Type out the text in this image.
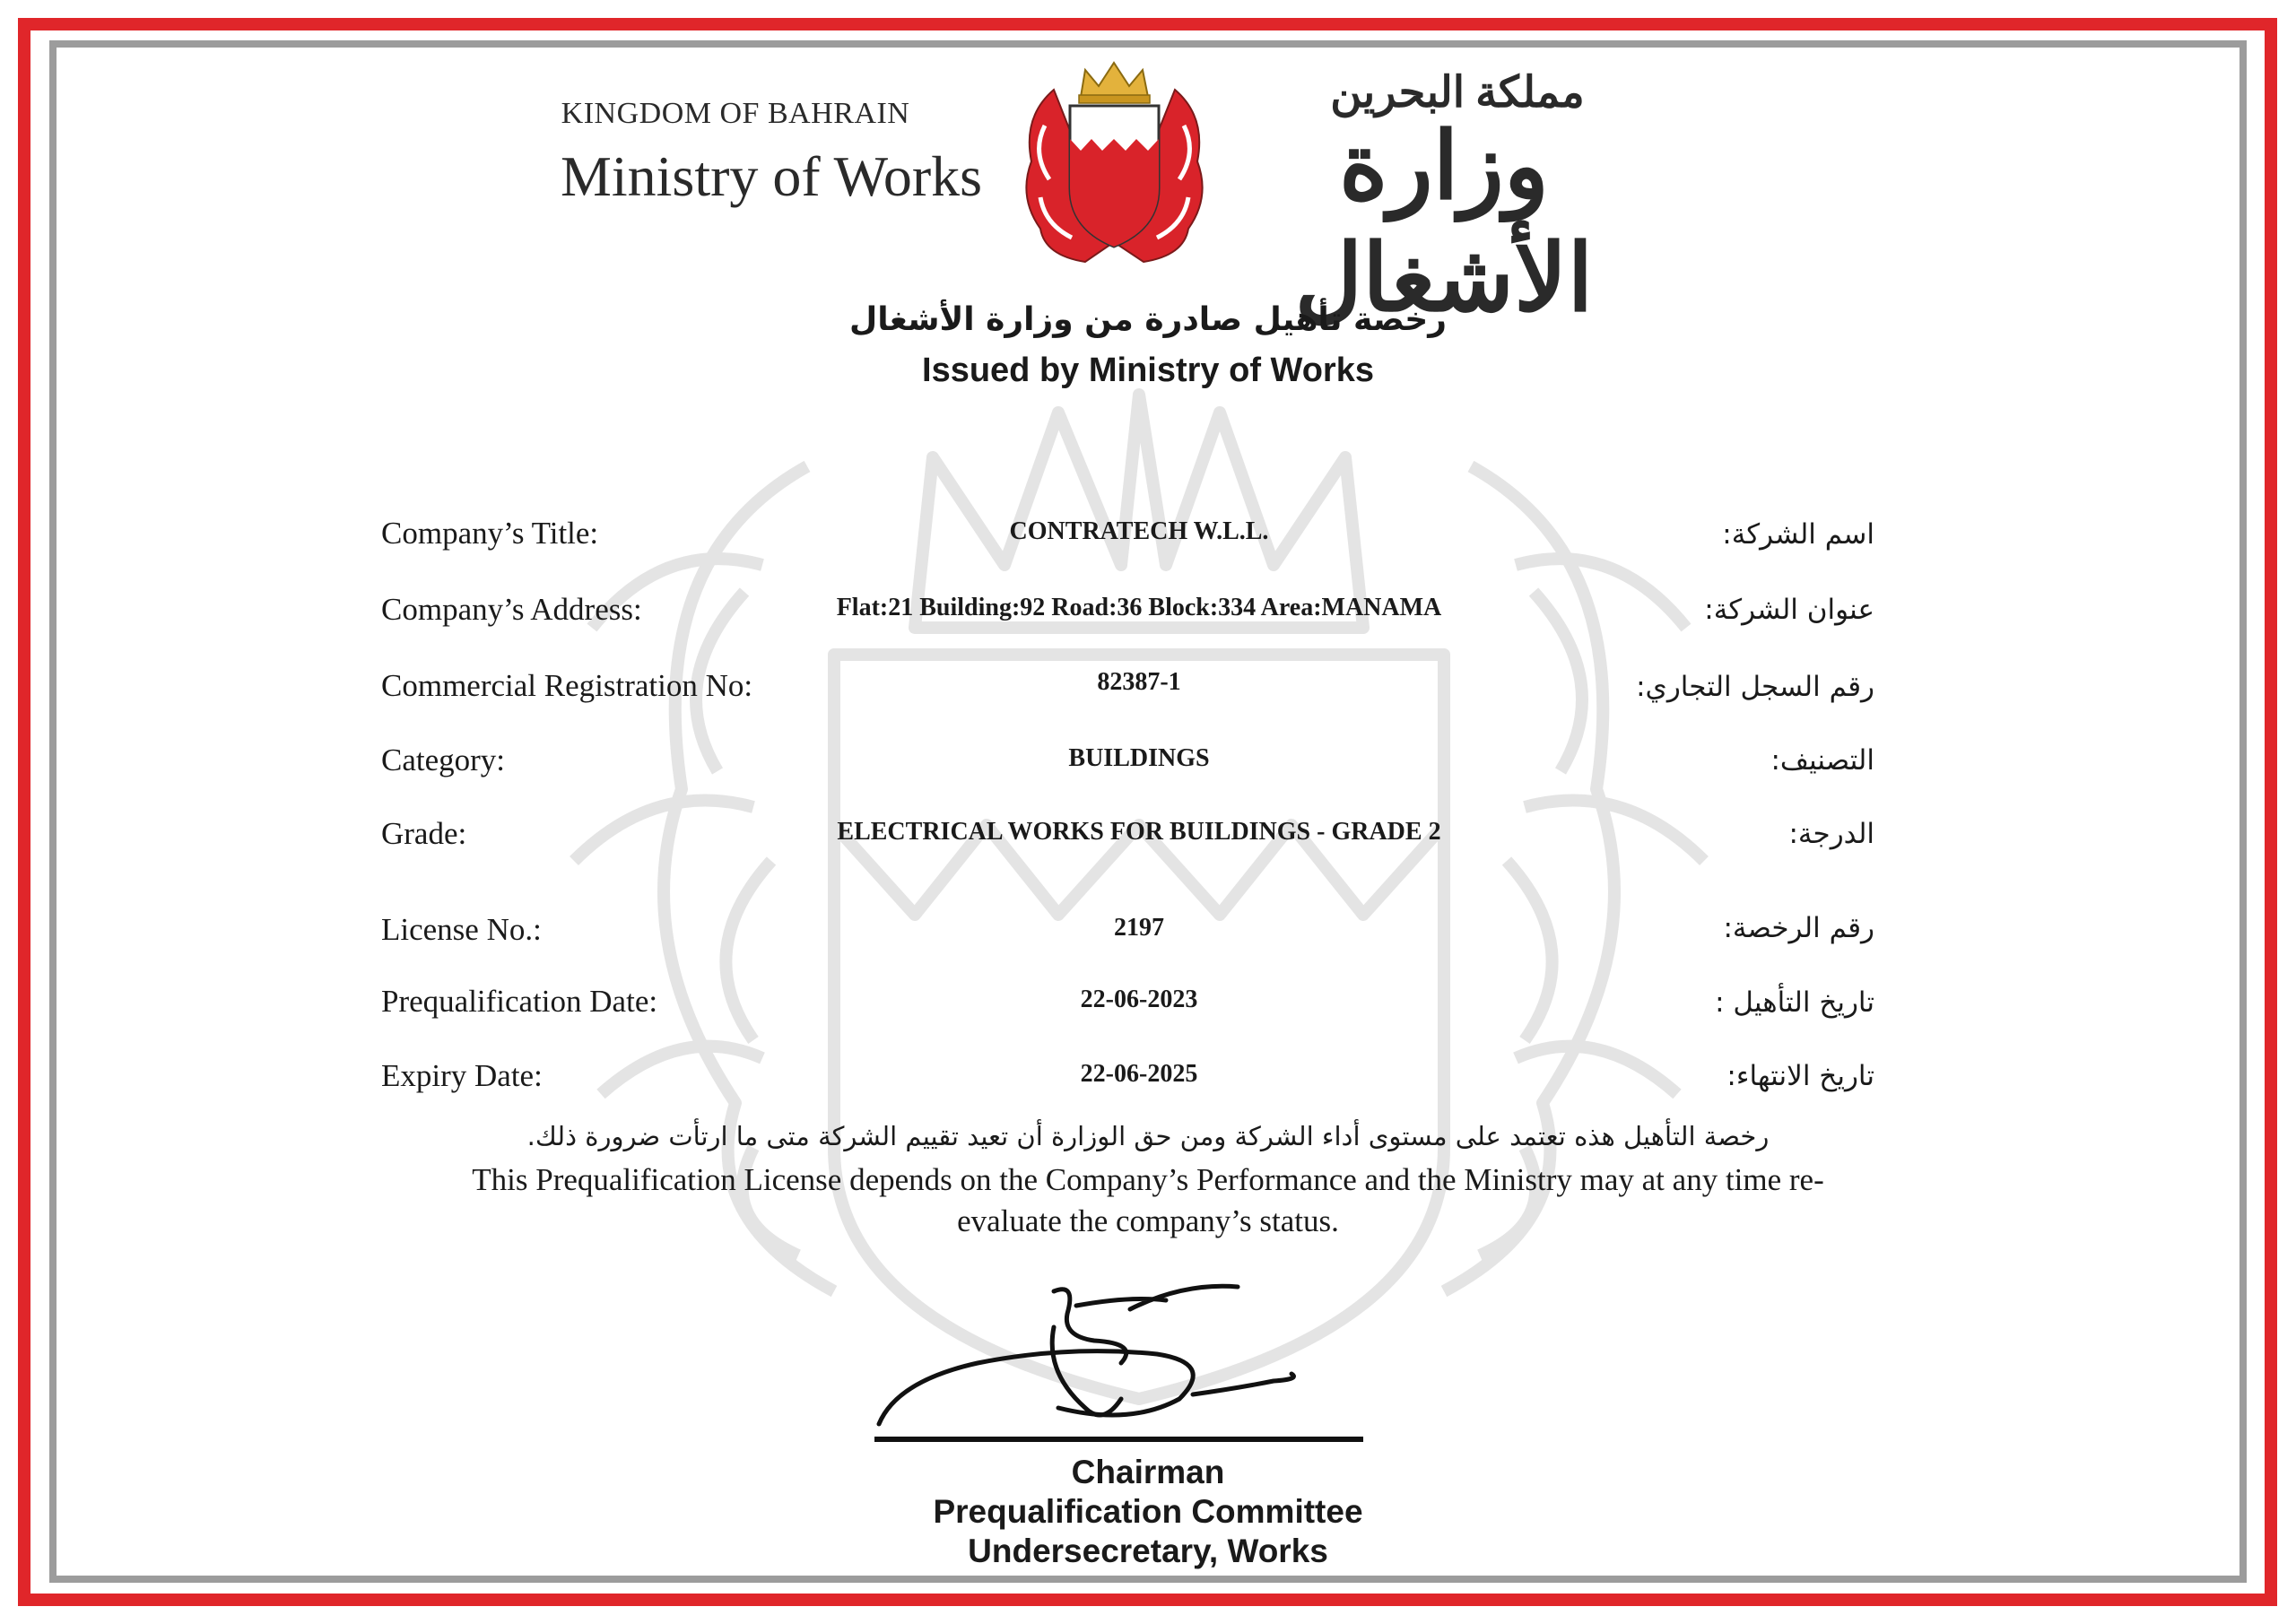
KINGDOM OF BAHRAIN
Ministry of Works
مملكة البحرين
وزارة الأشغال
رخصة تأهيل صادرة من وزارة الأشغال
Issued by Ministry of Works
Company’s Title:	CONTRATECH W.L.L.	اسم الشركة:
Company’s Address:	Flat:21 Building:92 Road:36 Block:334 Area:MANAMA	عنوان الشركة:
Commercial Registration No:	82387-1	رقم السجل التجاري:
Category:	BUILDINGS	التصنيف:
Grade:	ELECTRICAL WORKS FOR BUILDINGS - GRADE 2	الدرجة:
License No.:	2197	رقم الرخصة:
Prequalification Date:	22-06-2023	تاريخ التأهيل :
Expiry Date:	22-06-2025	تاريخ الانتهاء:
رخصة التأهيل هذه تعتمد على مستوى أداء الشركة ومن حق الوزارة أن تعيد تقييم الشركة متى ما ارتأت ضرورة ذلك.
This Prequalification License depends on the Company’s Performance and the Ministry may at any time re-
evaluate the company’s status.
Chairman
Prequalification Committee
Undersecretary, Works
